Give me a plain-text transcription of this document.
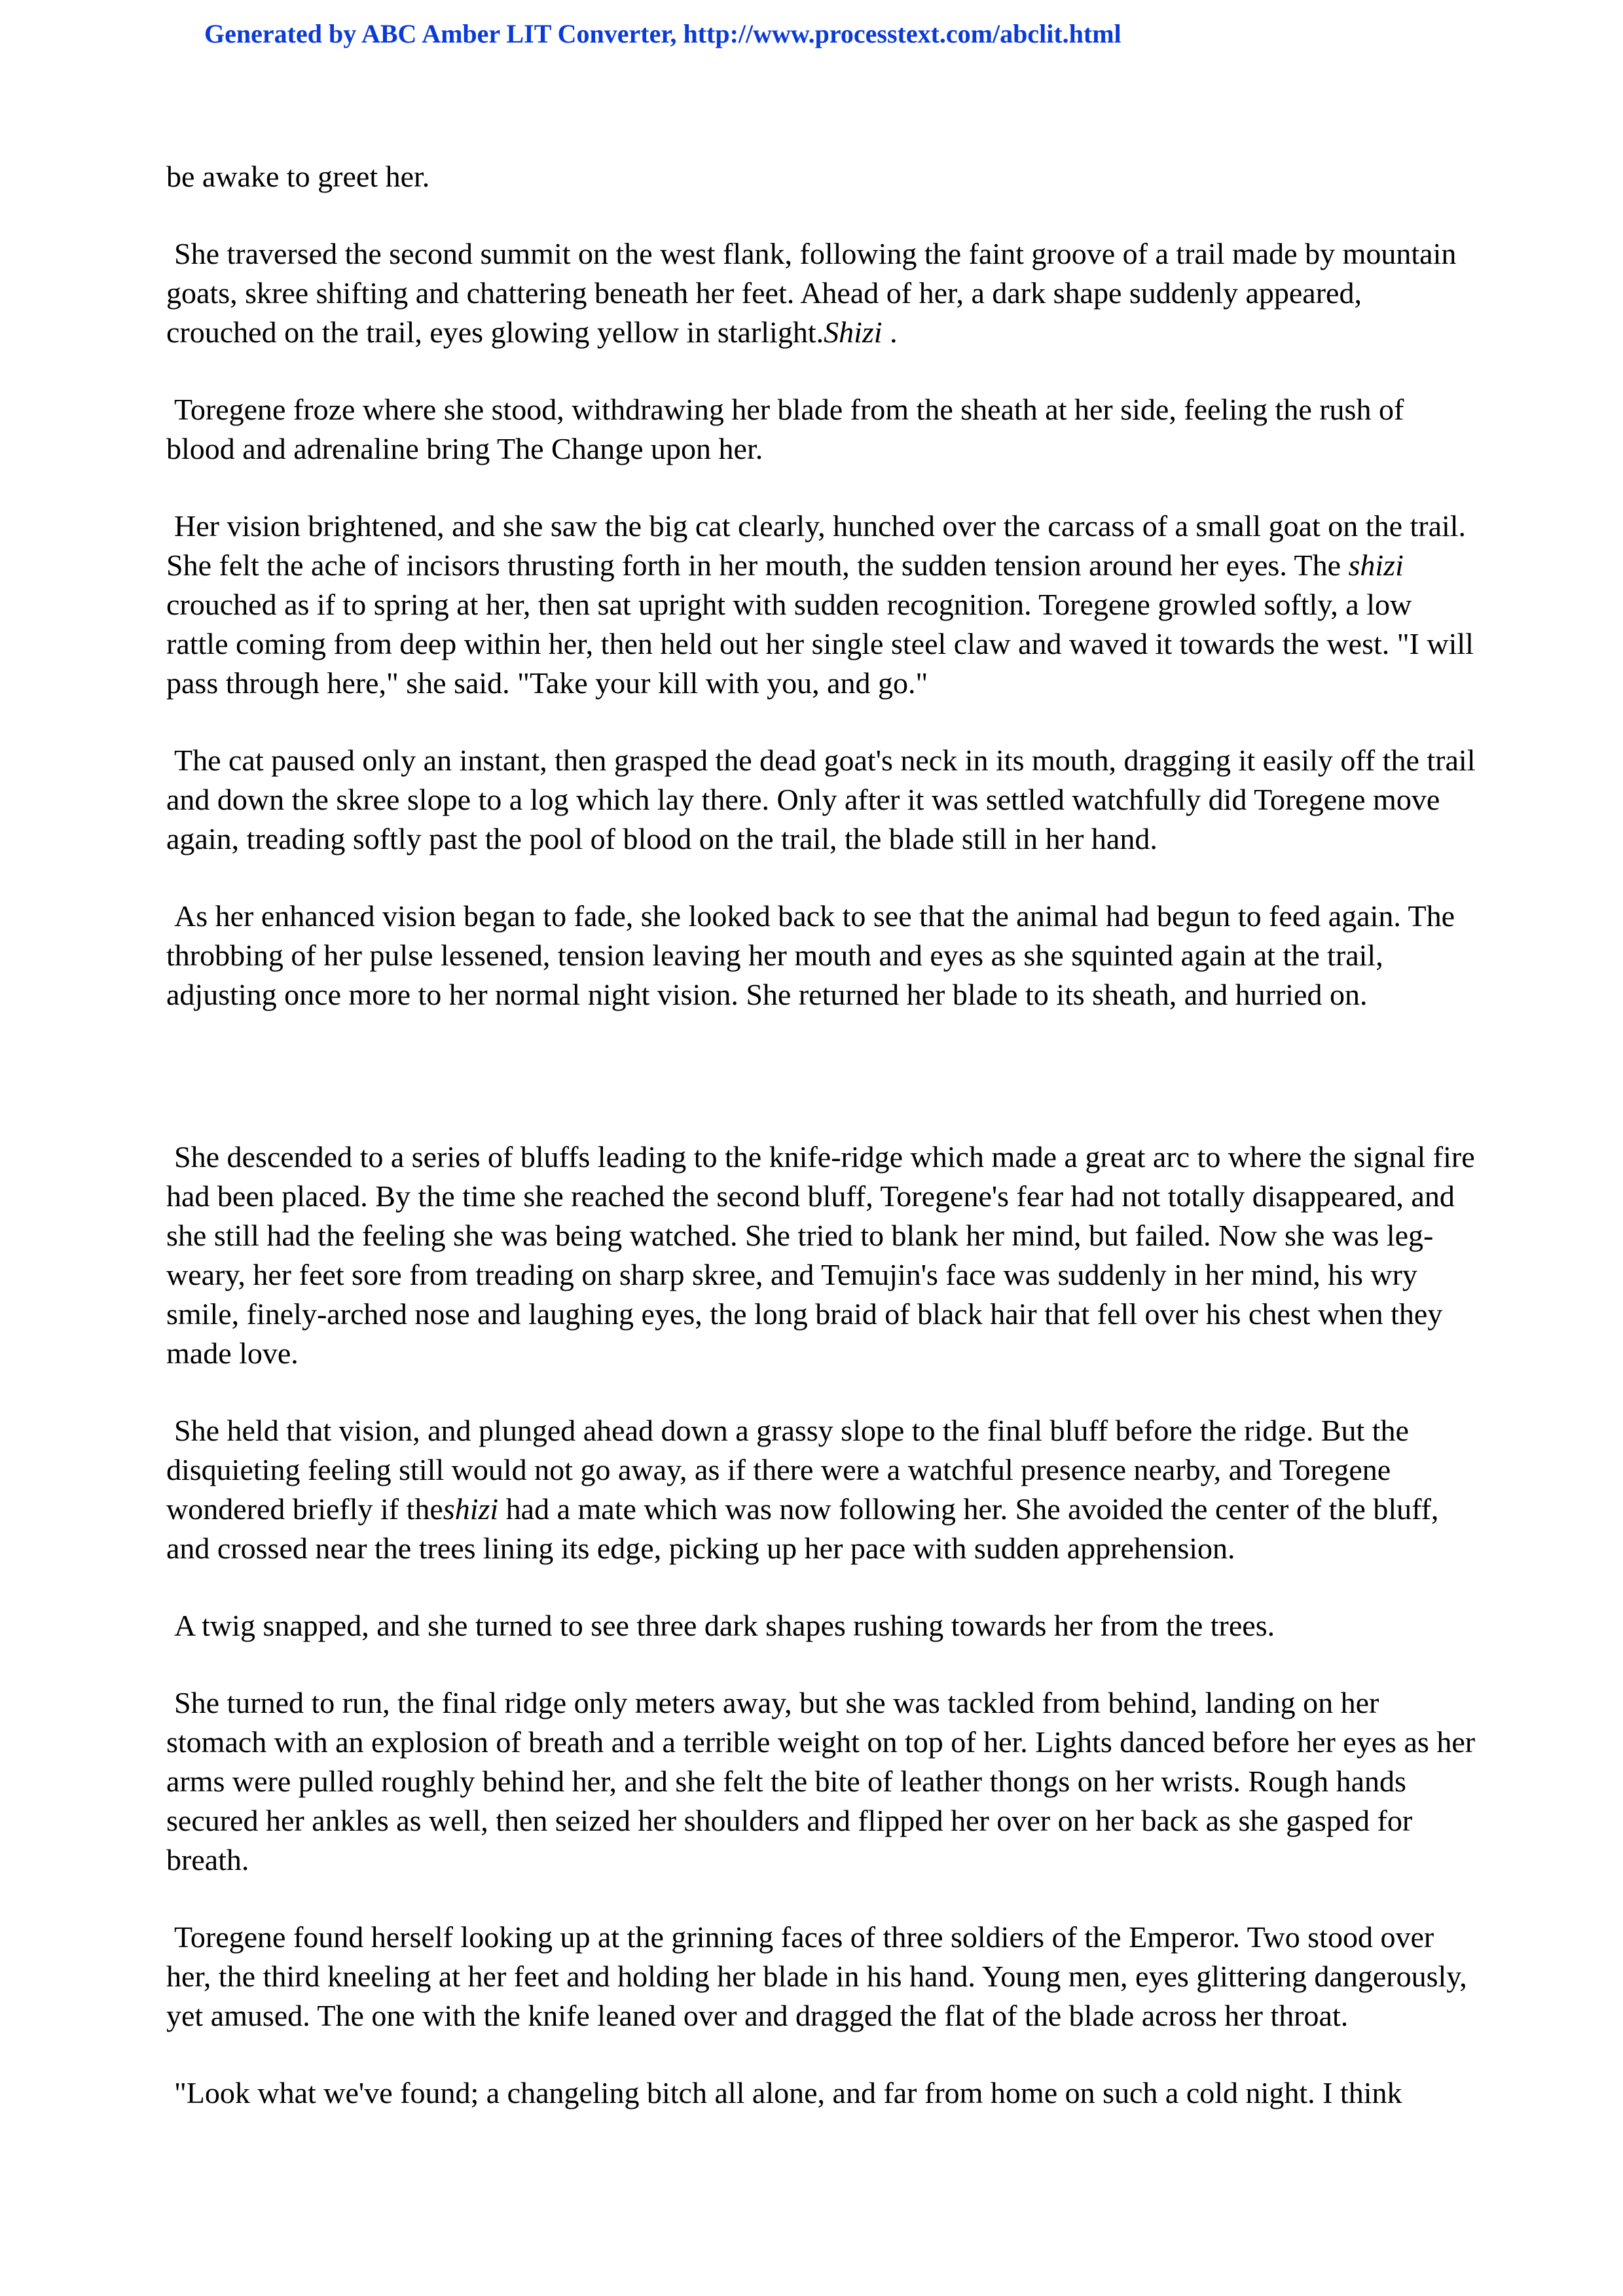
Generated by ABC Amber LIT Converter, http://www.processtext.com/abclit.html

be awake to greet her.

She traversed the second summit on the west flank, following the faint groove of a trail made by mountain goats, skree shifting and chattering beneath her feet. Ahead of her, a dark shape suddenly appeared, crouched on the trail, eyes glowing yellow in starlight.Shizi .

Toregene froze where she stood, withdrawing her blade from the sheath at her side, feeling the rush of blood and adrenaline bring The Change upon her.

Her vision brightened, and she saw the big cat clearly, hunched over the carcass of a small goat on the trail. She felt the ache of incisors thrusting forth in her mouth, the sudden tension around her eyes. The shizi crouched as if to spring at her, then sat upright with sudden recognition. Toregene growled softly, a low rattle coming from deep within her, then held out her single steel claw and waved it towards the west. "I will pass through here," she said. "Take your kill with you, and go."

The cat paused only an instant, then grasped the dead goat's neck in its mouth, dragging it easily off the trail and down the skree slope to a log which lay there. Only after it was settled watchfully did Toregene move again, treading softly past the pool of blood on the trail, the blade still in her hand.

As her enhanced vision began to fade, she looked back to see that the animal had begun to feed again. The throbbing of her pulse lessened, tension leaving her mouth and eyes as she squinted again at the trail, adjusting once more to her normal night vision. She returned her blade to its sheath, and hurried on.

She descended to a series of bluffs leading to the knife-ridge which made a great arc to where the signal fire had been placed. By the time she reached the second bluff, Toregene's fear had not totally disappeared, and she still had the feeling she was being watched. She tried to blank her mind, but failed. Now she was leg-weary, her feet sore from treading on sharp skree, and Temujin's face was suddenly in her mind, his wry smile, finely-arched nose and laughing eyes, the long braid of black hair that fell over his chest when they made love.

She held that vision, and plunged ahead down a grassy slope to the final bluff before the ridge. But the disquieting feeling still would not go away, as if there were a watchful presence nearby, and Toregene wondered briefly if theshizi had a mate which was now following her. She avoided the center of the bluff, and crossed near the trees lining its edge, picking up her pace with sudden apprehension.

A twig snapped, and she turned to see three dark shapes rushing towards her from the trees.

She turned to run, the final ridge only meters away, but she was tackled from behind, landing on her stomach with an explosion of breath and a terrible weight on top of her. Lights danced before her eyes as her arms were pulled roughly behind her, and she felt the bite of leather thongs on her wrists. Rough hands secured her ankles as well, then seized her shoulders and flipped her over on her back as she gasped for breath.

Toregene found herself looking up at the grinning faces of three soldiers of the Emperor. Two stood over her, the third kneeling at her feet and holding her blade in his hand. Young men, eyes glittering dangerously, yet amused. The one with the knife leaned over and dragged the flat of the blade across her throat.

"Look what we've found; a changeling bitch all alone, and far from home on such a cold night. I think
